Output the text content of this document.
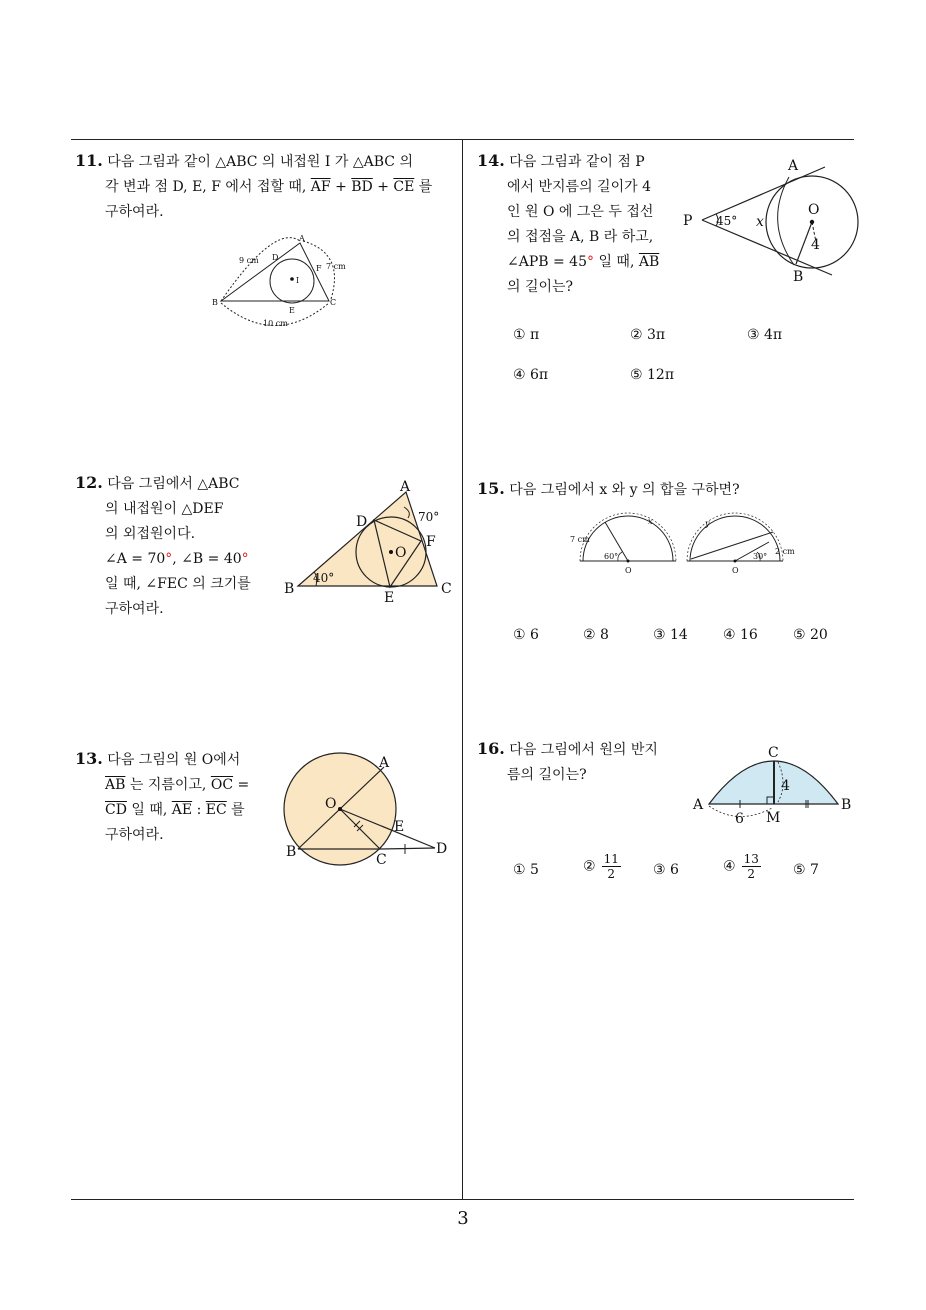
11. 다음 그림과 같이 △ABC 의 내접원 I 가 △ABC 의
각 변과 점 D, E, F 에서 접할 때, $\overline{AF} + \overline{BD} + \overline{CE}$ 를
구하여라.
A
B	C
D
E
F
I
9 cm
7 cm
10 cm
12. 다음 그림에서 △ABC
의 내접원이 △DEF
의 외접원이다.
∠A = 70°, ∠B = 40°
일 때, ∠FEC 의 크기를
구하여라.
A
B	C
D
E
F
O
70°
40°
13. 다음 그림의 원 O에서
$\overline{AB}$ 는 지름이고, $\overline{OC}$ =
$\overline{CD}$ 일 때, $\overline{AE}$ : $\overline{EC}$ 를
구하여라.
A
B	C
D
E
O
14. 다음 그림과 같이 점 P
에서 반지름의 길이가 4
인 원 O 에 그은 두 접선
의 접점을 A, B 라 하고,
∠APB = 45° 일 때, $\overline{AB}$
의 길이는?
A
B
P
O
4
x
45°
① π	② 3π	③ 4π
④ 6π	⑤ 12π
15. 다음 그림에서 x 와 y 의 합을 구하면?
7 cm
60°
x
O
2 cm
30°
y
O
① 6	② 8	③ 14	④ 16	⑤ 20
16. 다음 그림에서 원의 반지
름의 길이는?
C
A	B
M
4
6
① 5	② $\frac{11}{2}$ ③ 6	④ $\frac{13}{2}$ ⑤ 7
3
